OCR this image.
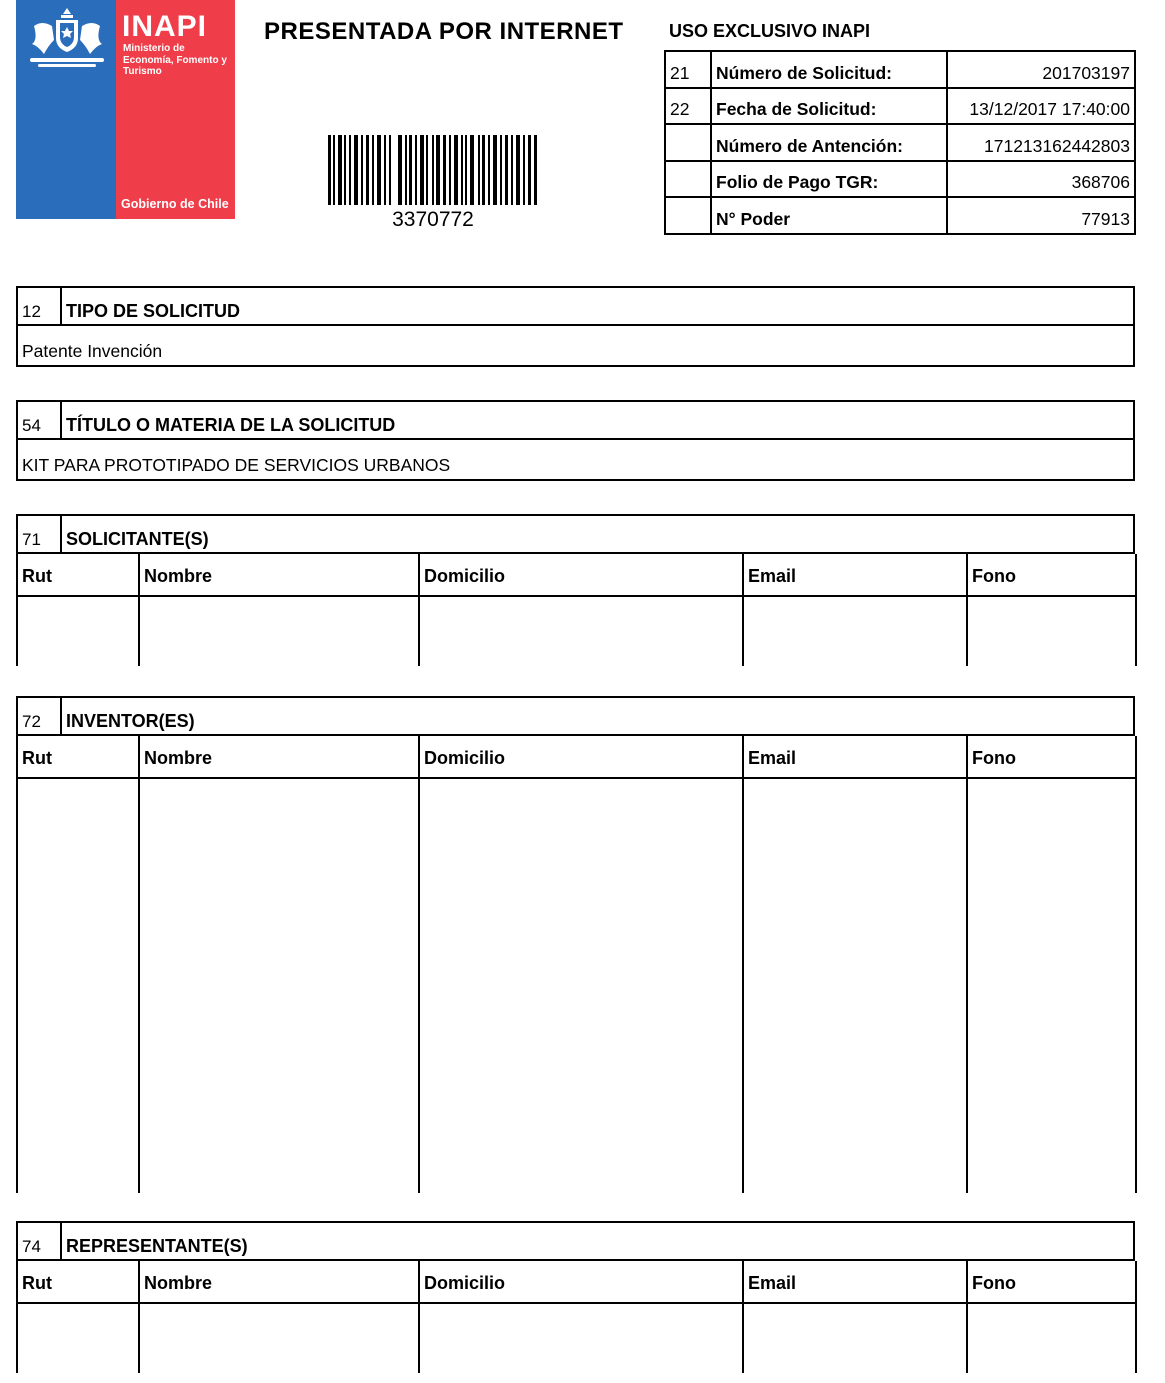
INAPI
Ministerio de Economía, Fomento y Turismo
Gobierno de Chile
PRESENTADA POR INTERNET
3370772
USO EXCLUSIVO INAPI
21	Número de Solicitud:	201703197
22	Fecha de Solicitud:	13/12/2017 17:40:00
	Número de Antención:	171213162442803
	Folio de Pago TGR:	368706
	N° Poder	77913
12	TIPO DE SOLICITUD
Patente Invención
54	TÍTULO O MATERIA DE LA SOLICITUD
KIT PARA PROTOTIPADO DE SERVICIOS URBANOS
71	SOLICITANTE(S)
Rut	Nombre	Domicilio	Email	Fono

72	INVENTOR(ES)
Rut	Nombre	Domicilio	Email	Fono

74	REPRESENTANTE(S)
Rut	Nombre	Domicilio	Email	Fono
